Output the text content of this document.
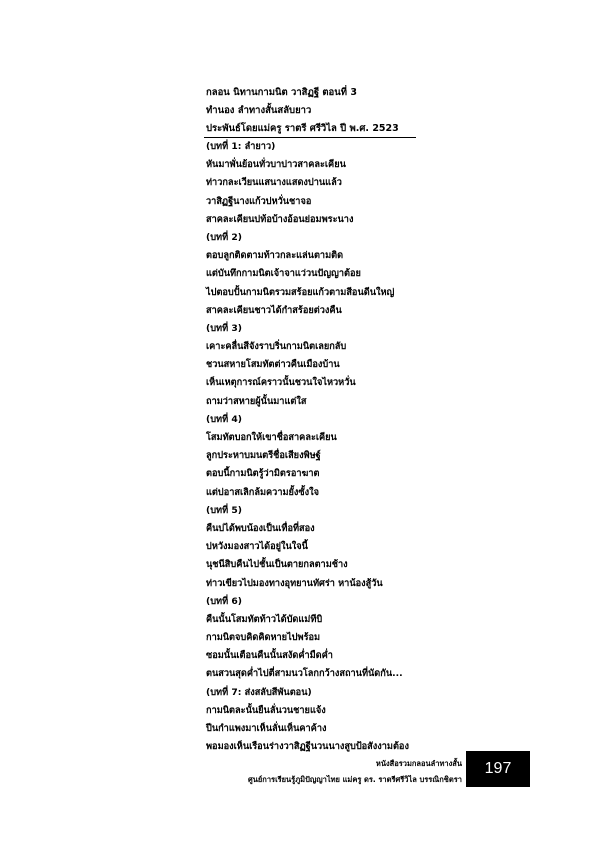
กลอน นิทานกามนิต วาสิฏฐี ตอนที่ 3
ทำนอง ลำทางสั้นสลับยาว
ประพันธ์โดยแม่ครู ราตรี ศรีวิไล ปี พ.ศ. 2523
(บทที่ 1: ลำยาว)
หันมาพั่นย้อนทั่วบาบ่าวสาคละเคียน
ท่าวกละเวียนแสนางแสดงปานแล้ว
วาสิฏฐีนางแก้วบ่หวั่นชาจอ
สาคละเคียนบ่ท้อบ้างอ้อนย่อมพระนาง
(บทที่ 2)
ตอบลูกติดตามท้าวกละแล่นตามติด
แต่บันทึกกามนิตเจ้าจาแว่วนปัญญาต้อย
ไปตอบปั้นกามนิตรวมสร้อยแก้วตามสีอนดีนใหญ่
สาคละเคียนชาวได้กำสร้อยต่วงคืน
(บทที่ 3)
เคาะคลื่นสีจังราบริ่นกามนิตเลยกลับ
ชวนสหายโสมทัตต่าวคืนเมืองบ้าน
เห็นเหตุการณ์คราวนั้นชวนใจไหวหวั่น
ถามว่าสหายผู้นั้นมาแต่ใส
(บทที่ 4)
โสมทัตบอกให้เขาชื่อสาคละเคียน
ลูกประหาบมนตรีชื่อเสียงพิษฐ์
ตอบนี้กามนิตรู้ว่ามิตรอาฆาต
แต่บ่อาสเลิกล้มความยั้งซั้งใจ
(บทที่ 5)
คืนบ่ได้พบน้องเป็นเทื่อที่สอง
บ่หวังมองสาวได้อยู่ในใจนี้
นุชนีสิบคืนไปชั้นเป็นตายกลตามช้าง
ท่าวเขียวไปมองทางอุทยานทัศร่า หาน้องสู้วัน
(บทที่ 6)
คืนนั้นโสมทัตท้าวได้บัดแม่ทีบิ
กามนิตจบคิดคิดหายไปพร้อม
ซอมนั้นเตือนคืนนั้นสงัดค่ำมืดค่ำ
ตนสวนสุดค่ำไปตี่สามนวโลกกว้างสถานที่นัดกัน...
(บทที่ 7: ส่งสลับสีพันตอน)
กามนิตละนั้นยืนลั่นวนชายแจ้ง
ปีนกำแพงมาเห็นลั่นเห็นคาค้าง
พอมองเห็นเรือนร่างวาสิฏฐีนวนนางสูบป้อสังงามต้อง
หนังสือรวมกลอนลำทางสั้น
ศูนย์การเรียนรู้ภูมิปัญญาไทย แม่ครู ดร. ราตรีศรีวิไล บรรณิกชิตรา
197
